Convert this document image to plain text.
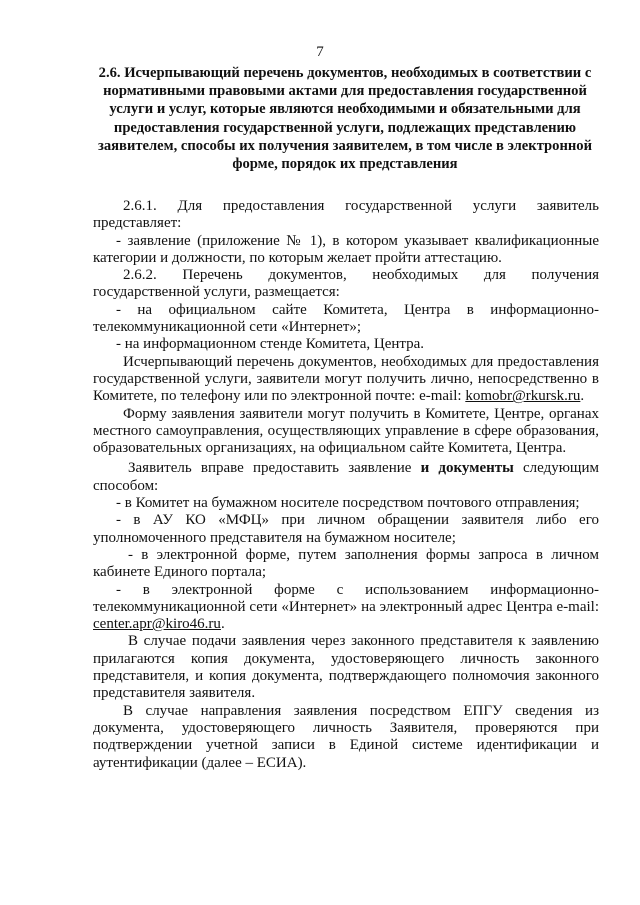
7
2.6. Исчерпывающий перечень документов, необходимых в соответствии с нормативными правовыми актами для предоставления государственной услуги и услуг, которые являются необходимыми и обязательными для предоставления государственной услуги, подлежащих представлению заявителем, способы их получения заявителем, в том числе в электронной форме, порядок их представления

2.6.1. Для предоставления государственной услуги заявитель представляет:

- заявление (приложение № 1), в котором указывает квалификационные категории и должности, по которым желает пройти аттестацию.

2.6.2. Перечень документов, необходимых для получения государственной услуги, размещается:

- на официальном сайте Комитета, Центра в информационно-телекоммуникационной сети «Интернет»;

- на информационном стенде Комитета, Центра.

Исчерпывающий перечень документов, необходимых для предоставления государственной услуги, заявители могут получить лично, непосредственно в Комитете, по телефону или по электронной почте: e-mail: komobr@rkursk.ru.

Форму заявления заявители могут получить в Комитете, Центре, органах местного самоуправления, осуществляющих управление в сфере образования, образовательных организациях, на официальном сайте Комитета, Центра.

Заявитель вправе предоставить заявление и документы следующим способом:

- в Комитет на бумажном носителе посредством почтового отправления;

- в АУ КО «МФЦ» при личном обращении заявителя либо его уполномоченного представителя на бумажном носителе;

- в электронной форме, путем заполнения формы запроса в личном кабинете Единого портала;

- в электронной форме с использованием информационно-телекоммуникационной сети «Интернет» на электронный адрес Центра e-mail: center.apr@kiro46.ru.

В случае подачи заявления через законного представителя к заявлению прилагаются копия документа, удостоверяющего личность законного представителя, и копия документа, подтверждающего полномочия законного представителя заявителя.

В случае направления заявления посредством ЕПГУ сведения из документа, удостоверяющего личность Заявителя, проверяются при подтверждении учетной записи в Единой системе идентификации и аутентификации (далее – ЕСИА).
